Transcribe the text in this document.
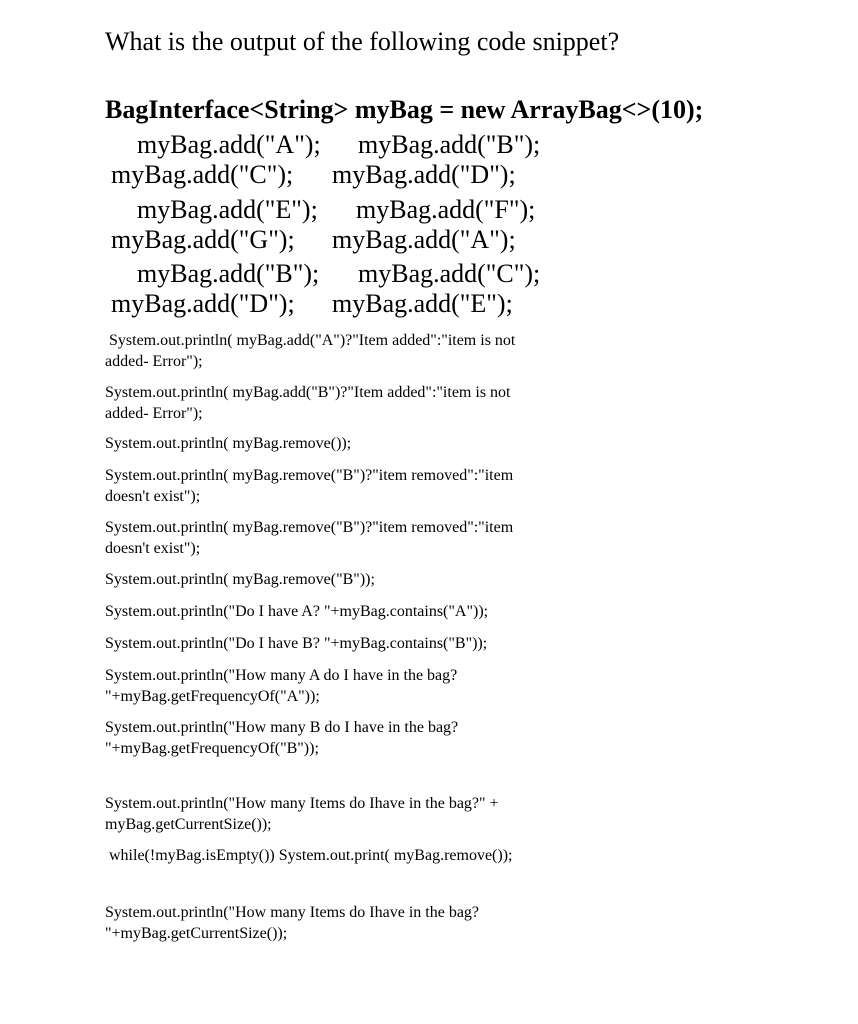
What is the output of the following code snippet?

BagInterface<String> myBag = new ArrayBag<>(10);

myBag.add("A"); myBag.add("B");

myBag.add("C"); myBag.add("D");

myBag.add("E"); myBag.add("F");

myBag.add("G"); myBag.add("A");

myBag.add("B"); myBag.add("C");

myBag.add("D"); myBag.add("E");

System.out.println( myBag.add("A")?"Item added":"item is not
added- Error");
System.out.println( myBag.add("B")?"Item added":"item is not
added- Error");
System.out.println( myBag.remove());
System.out.println( myBag.remove("B")?"item removed":"item
doesn't exist");
System.out.println( myBag.remove("B")?"item removed":"item
doesn't exist");
System.out.println( myBag.remove("B"));
System.out.println("Do I have A? "+myBag.contains("A"));
System.out.println("Do I have B? "+myBag.contains("B"));
System.out.println("How many A do I have in the bag?
"+myBag.getFrequencyOf("A"));
System.out.println("How many B do I have in the bag?
"+myBag.getFrequencyOf("B"));
System.out.println("How many Items do Ihave in the bag?" +
myBag.getCurrentSize());
while(!myBag.isEmpty()) System.out.print( myBag.remove());
System.out.println("How many Items do Ihave in the bag?
"+myBag.getCurrentSize());
